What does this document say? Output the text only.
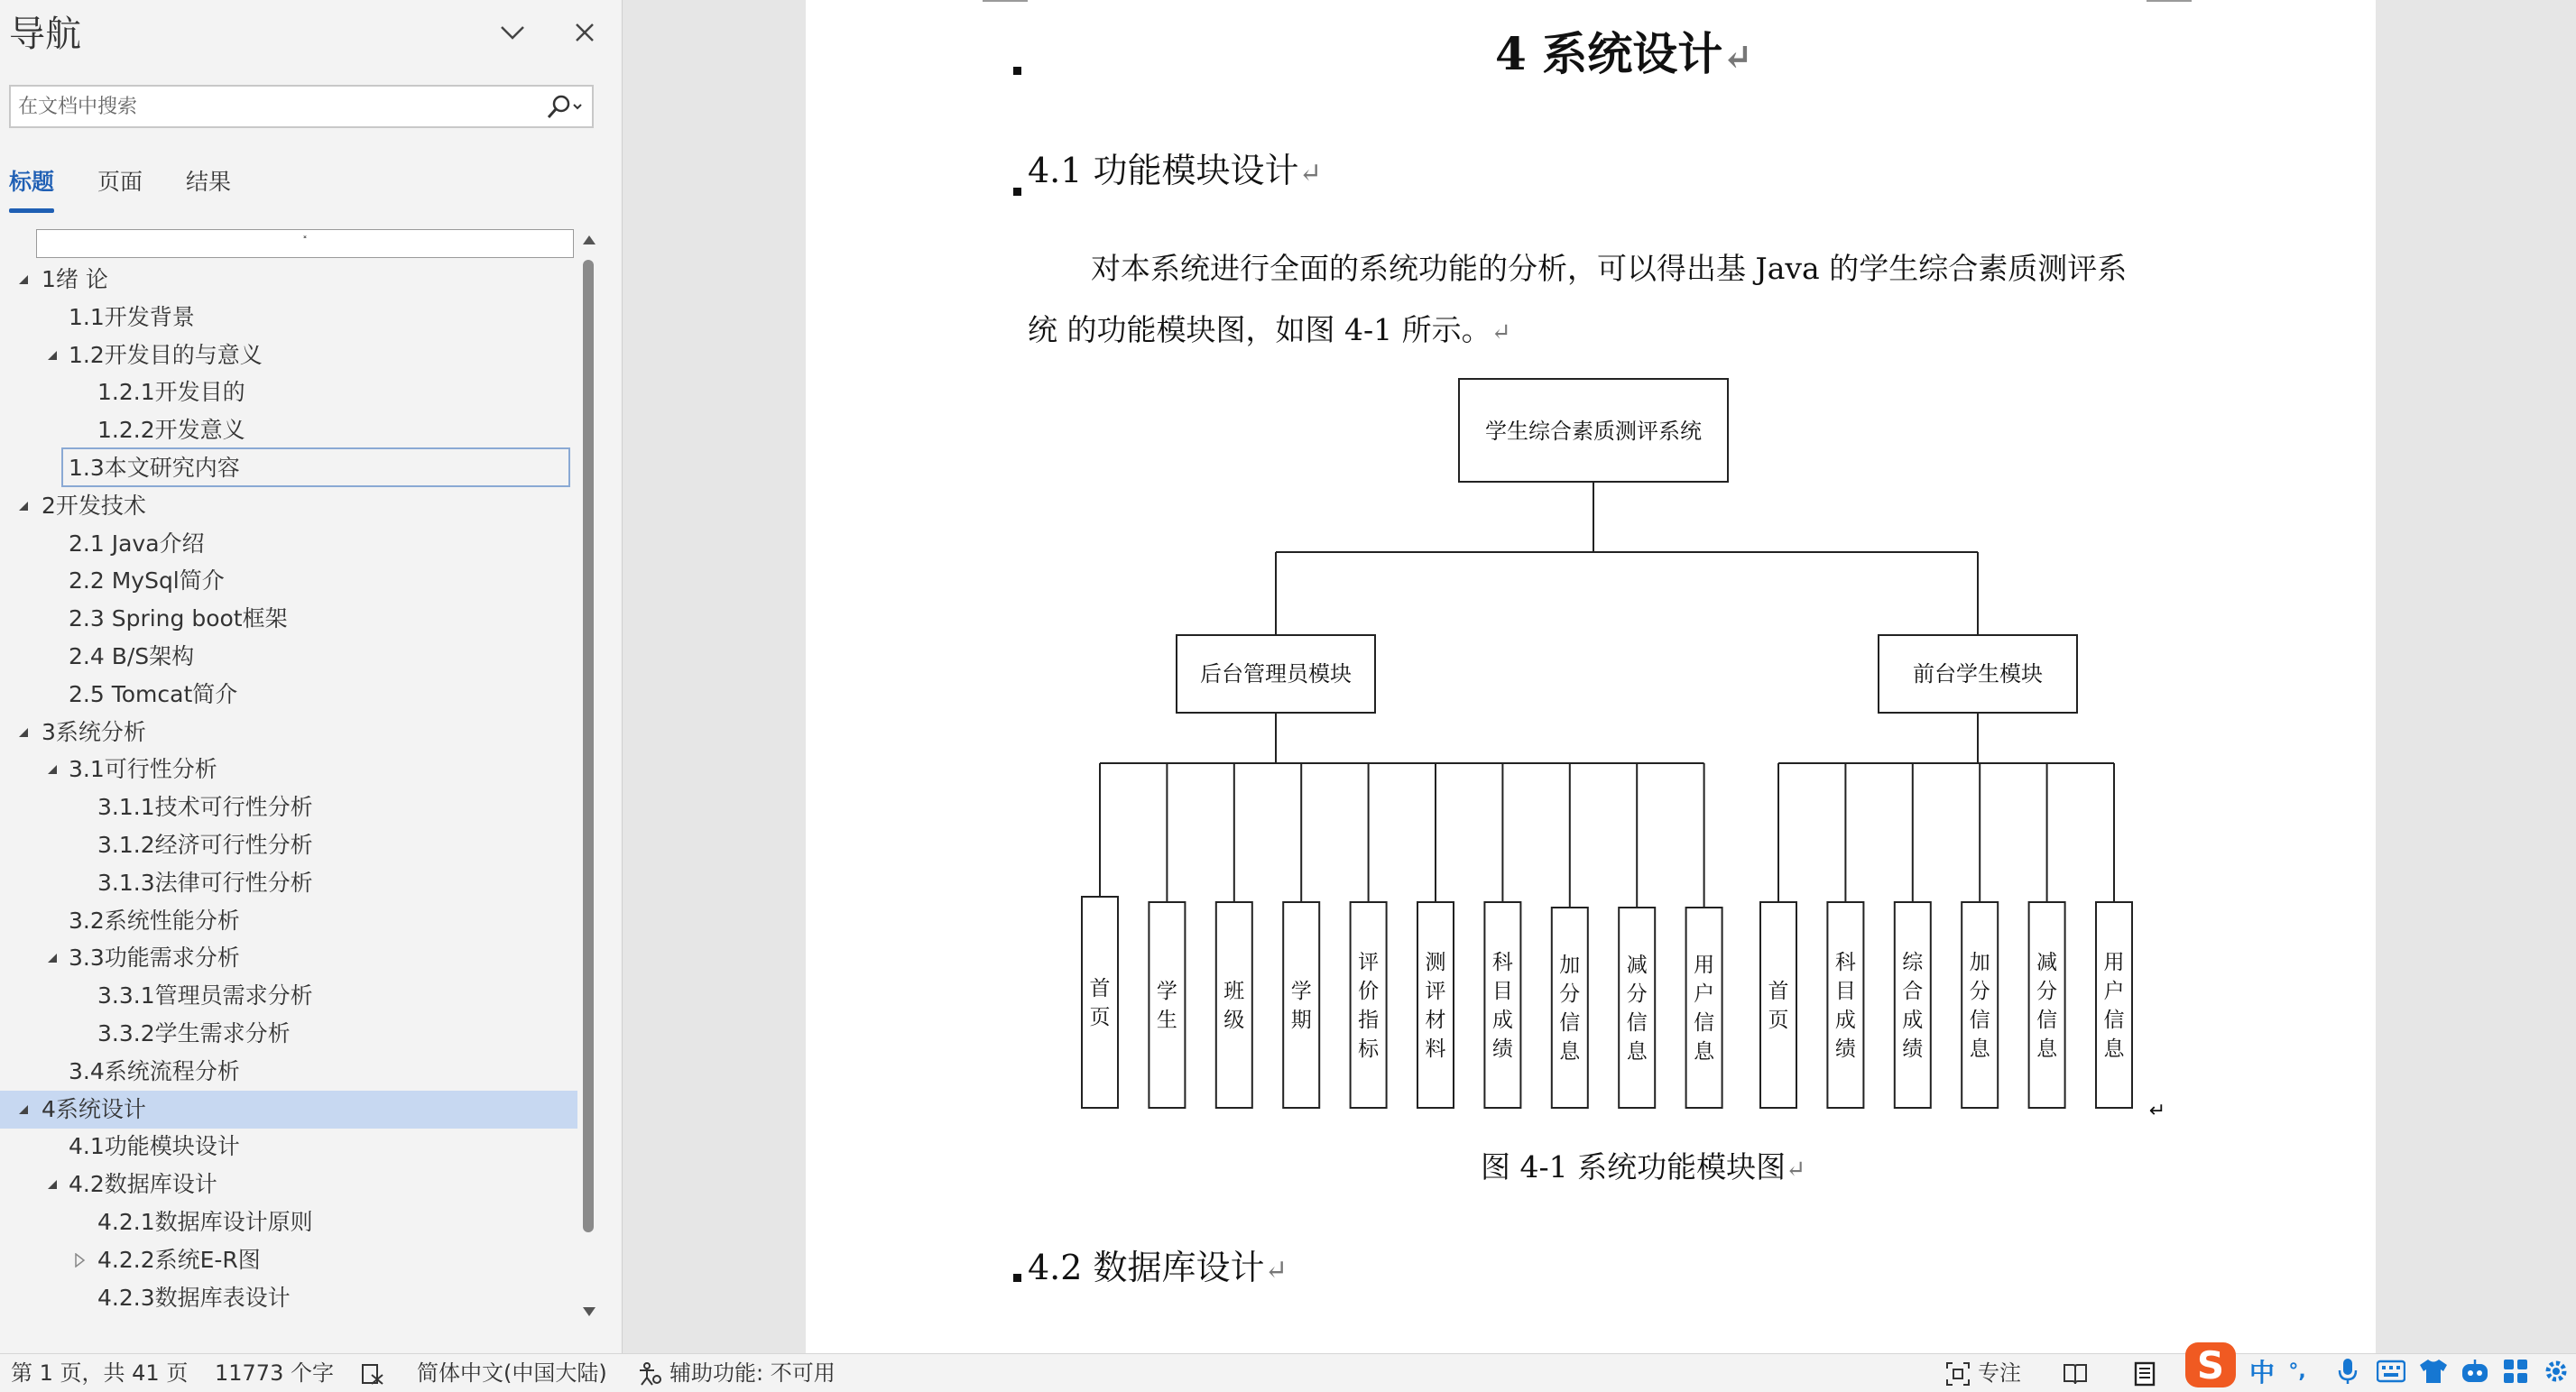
导航
在文档中搜索
标题 页面 结果
˟
1绪 论
1.1开发背景
1.2开发目的与意义
1.2.1开发目的
1.2.2开发意义
1.3本文研究内容
2开发技术
2.1 Java介绍
2.2 MySql简介
2.3 Spring boot框架
2.4 B/S架构
2.5 Tomcat简介
3系统分析
3.1可行性分析
3.1.1技术可行性分析
3.1.2经济可行性分析
3.1.3法律可行性分析
3.2系统性能分析
3.3功能需求分析
3.3.1管理员需求分析
3.3.2学生需求分析
3.4系统流程分析
4系统设计
4.1功能模块设计
4.2数据库设计
4.2.1数据库设计原则
4.2.2系统E-R图
4.2.3数据库表设计
4 系统设计↵
4.1 功能模块设计↵
对本系统进行全面的系统功能的分析，可以得出基 Java 的学生综合素质测评系
统 的功能模块图，如图 4-1 所示。↵
图 4-1 系统功能模块图↵
4.2 数据库设计↵
学生综合素质测评系统
后台管理员模块	前台学生模块
首
页
学
生
班
级
学
期
评
价
指
标
测
评
材
料
科
目
成
绩
加
分
信
息
减
分
信
息
用
户
信
息
首
页
科
目
成
绩
综
合
成
绩
加
分
信
息
减
分
信
息
用
户
信
息
↵
第 1 页，共 41 页 11773 个字	简体中文(中国大陆)	辅助功能: 不可用	专注	S 中 °,
